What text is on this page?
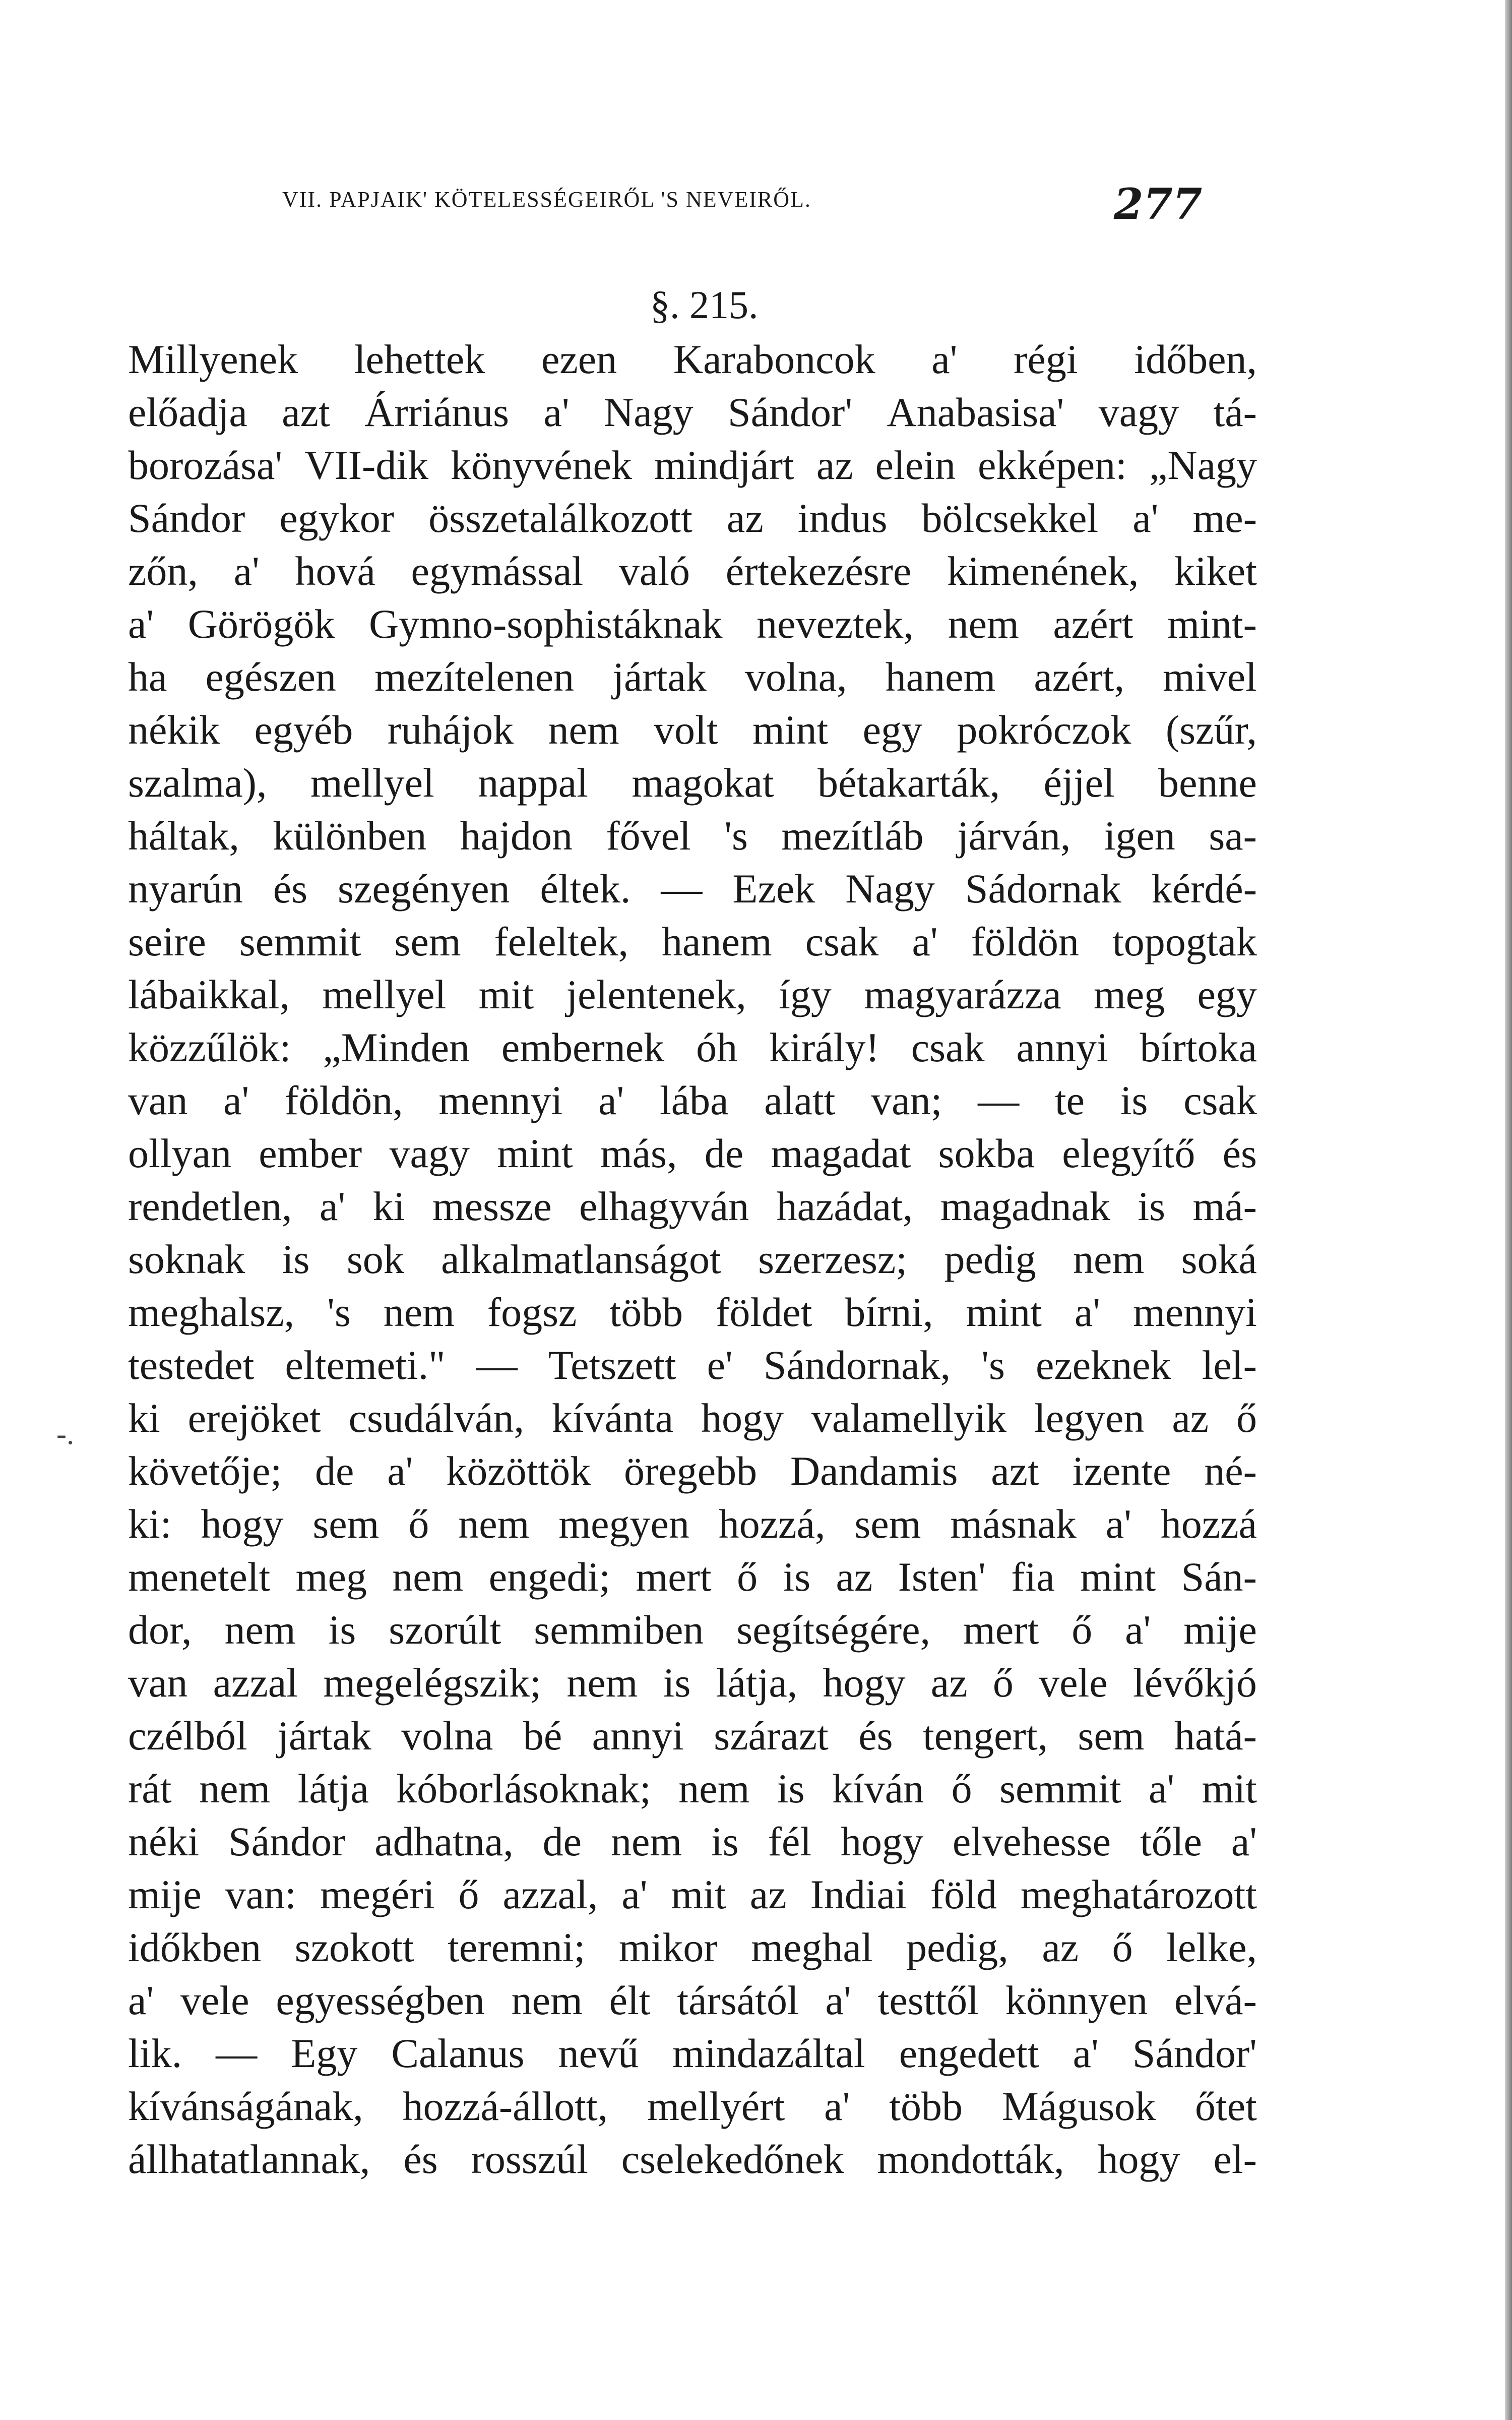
VII. PAPJAIK' KÖTELESSÉGEIRŐL 'S NEVEIRŐL.	277
§. 215.
-.
Millyenek lehettek ezen Karaboncok a' régi időben,
előadja azt Árriánus a' Nagy Sándor' Anabasisa' vagy tá-
borozása' VII-dik könyvének mindjárt az elein ekképen: „Nagy
Sándor egykor összetalálkozott az indus bölcsekkel a' me-
zőn, a' hová egymással való értekezésre kimenének, kiket
a' Görögök Gymno-sophistáknak neveztek, nem azért mint-
ha egészen mezítelenen jártak volna, hanem azért, mivel
nékik egyéb ruhájok nem volt mint egy pokróczok (szűr,
szalma), mellyel nappal magokat bétakarták, éjjel benne
háltak, különben hajdon fővel 's mezítláb járván, igen sa-
nyarún és szegényen éltek. — Ezek Nagy Sádornak kérdé-
seire semmit sem feleltek, hanem csak a' földön topogtak
lábaikkal, mellyel mit jelentenek, így magyarázza meg egy
közzűlök: „Minden embernek óh király! csak annyi bírtoka
van a' földön, mennyi a' lába alatt van; — te is csak
ollyan ember vagy mint más, de magadat sokba elegyítő és
rendetlen, a' ki messze elhagyván hazádat, magadnak is má-
soknak is sok alkalmatlanságot szerzesz; pedig nem soká
meghalsz, 's nem fogsz több földet bírni, mint a' mennyi
testedet eltemeti." — Tetszett e' Sándornak, 's ezeknek lel-
ki erejöket csudálván, kívánta hogy valamellyik legyen az ő
követője; de a' közöttök öregebb Dandamis azt izente né-
ki: hogy sem ő nem megyen hozzá, sem másnak a' hozzá
menetelt meg nem engedi; mert ő is az Isten' fia mint Sán-
dor, nem is szorúlt semmiben segítségére, mert ő a' mije
van azzal megelégszik; nem is látja, hogy az ő vele lévőkjó
czélból jártak volna bé annyi szárazt és tengert, sem hatá-
rát nem látja kóborlásoknak; nem is kíván ő semmit a' mit
néki Sándor adhatna, de nem is fél hogy elvehesse tőle a'
mije van: megéri ő azzal, a' mit az Indiai föld meghatározott
időkben szokott teremni; mikor meghal pedig, az ő lelke,
a' vele egyességben nem élt társától a' testtől könnyen elvá-
lik. — Egy Calanus nevű mindazáltal engedett a' Sándor'
kívánságának, hozzá-állott, mellyért a' több Mágusok őtet
állhatatlannak, és rosszúl cselekedőnek mondották, hogy el-
